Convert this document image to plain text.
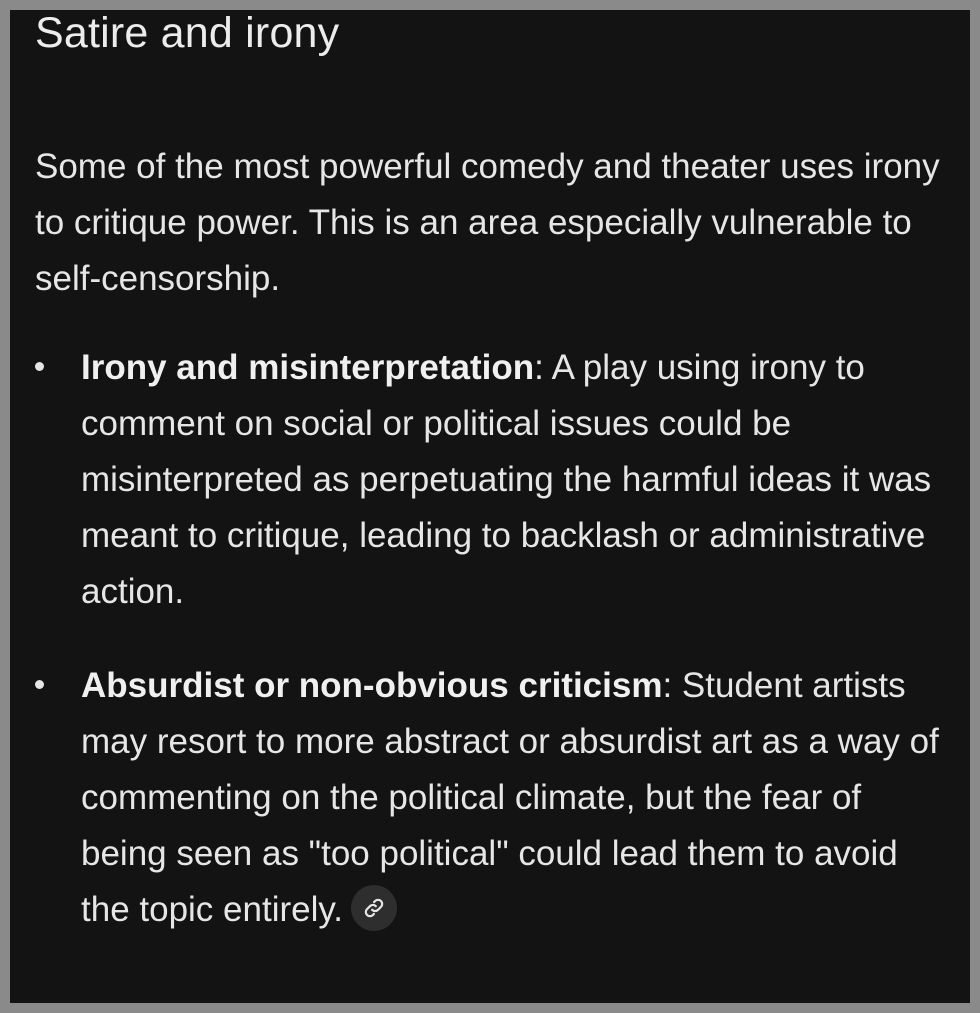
Satire and irony

Some of the most powerful comedy and theater uses irony to critique power. This is an area especially vulnerable to self-censorship.

Irony and misinterpretation: A play using irony to comment on social or political issues could be misinterpreted as perpetuating the harmful ideas it was meant to critique, leading to backlash or administrative action.
Absurdist or non-obvious criticism: Student artists may resort to more abstract or absurdist art as a way of commenting on the political climate, but the fear of being seen as "too political" could lead them to avoid the topic entirely.
